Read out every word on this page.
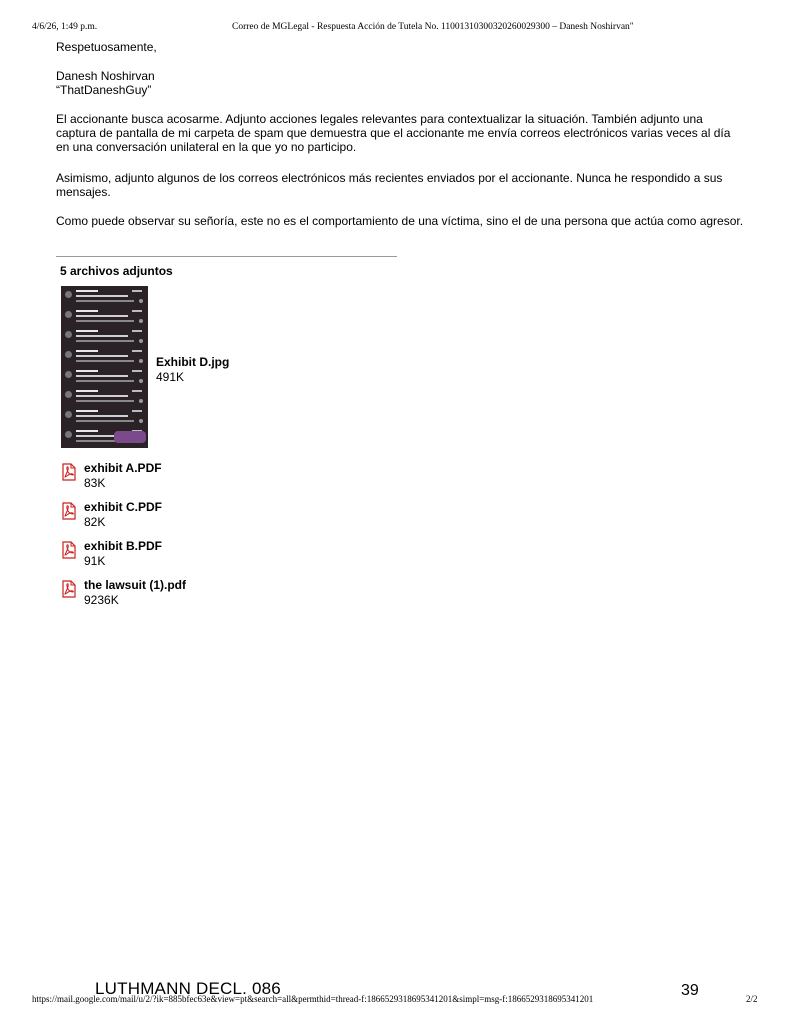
4/6/26, 1:49 p.m.	Correo de MGLegal - Respuesta Acción de Tutela No. 11001310300320260029300 – Danesh Noshirvan"
Respetuosamente,
Danesh Noshirvan
“ThatDaneshGuy”
El accionante busca acosarme. Adjunto acciones legales relevantes para contextualizar la situación. También adjunto una captura de pantalla de mi carpeta de spam que demuestra que el accionante me envía correos electrónicos varias veces al día en una conversación unilateral en la que yo no participo.
Asimismo, adjunto algunos de los correos electrónicos más recientes enviados por el accionante. Nunca he respondido a sus mensajes.
Como puede observar su señoría, este no es el comportamiento de una víctima, sino el de una persona que actúa como agresor.
5 archivos adjuntos
Exhibit D.jpg
491K
exhibit A.PDF
83K
exhibit C.PDF
82K
exhibit B.PDF
91K
the lawsuit (1).pdf
9236K
LUTHMANN DECL. 086	39
https://mail.google.com/mail/u/2/?ik=885bfec63e&view=pt&search=all&permthid=thread-f:1866529318695341201&simpl=msg-f:1866529318695341201	2/2
